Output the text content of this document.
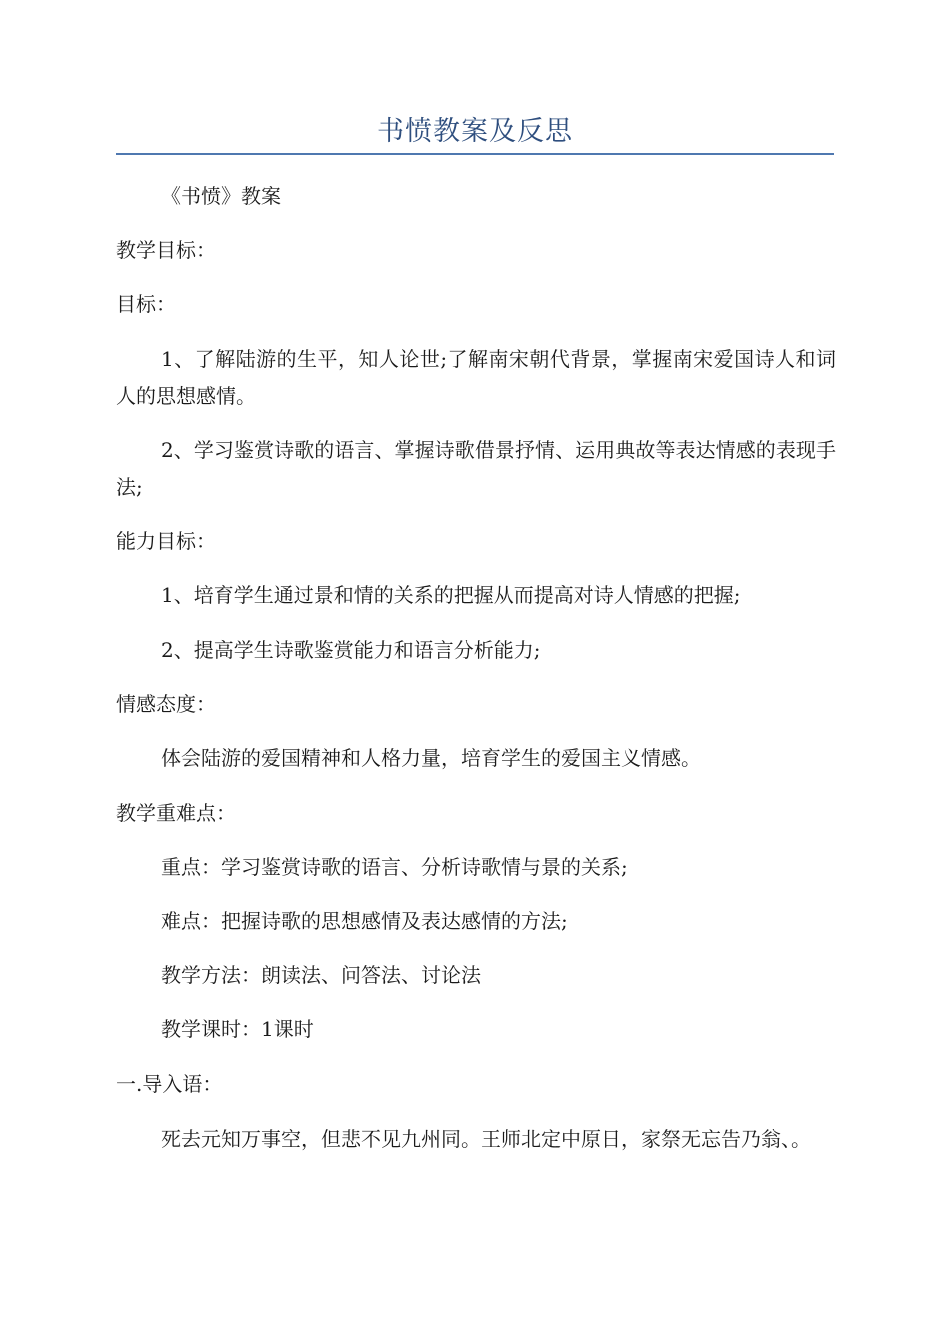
书愤教案及反思
《书愤》教案
教学目标：
目标：
1、了解陆游的生平，知人论世;了解南宋朝代背景，掌握南宋爱国诗人和词人的思想感情。
2、学习鉴赏诗歌的语言、掌握诗歌借景抒情、运用典故等表达情感的表现手法;
能力目标：
1、培育学生通过景和情的关系的把握从而提高对诗人情感的把握;
2、提高学生诗歌鉴赏能力和语言分析能力;
情感态度：
体会陆游的爱国精神和人格力量，培育学生的爱国主义情感。
教学重难点：
重点：学习鉴赏诗歌的语言、分析诗歌情与景的关系;
难点：把握诗歌的思想感情及表达感情的方法;
教学方法：朗读法、问答法、讨论法
教学课时：1课时
一.导入语：
死去元知万事空，但悲不见九州同。王师北定中原日，家祭无忘告乃翁、。
